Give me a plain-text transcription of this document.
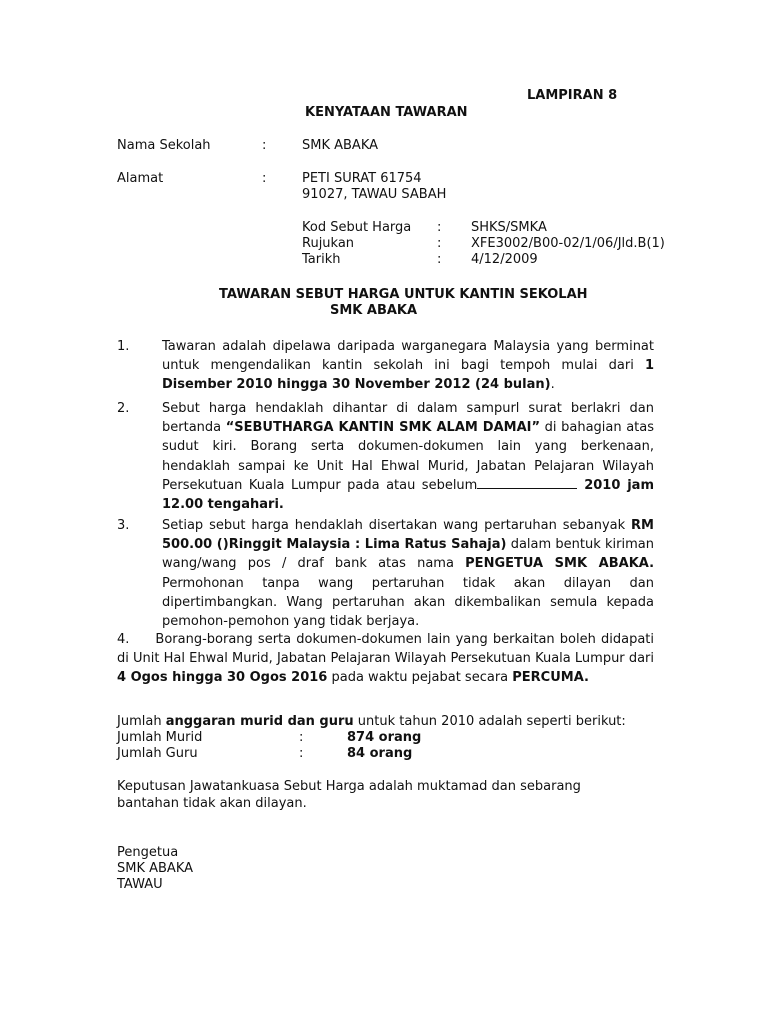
LAMPIRAN 8
KENYATAAN TAWARAN
Nama Sekolah	:	SMK ABAKA
Alamat	:	PETI SURAT 61754
91027, TAWAU SABAH
Kod Sebut Harga : SHKS/SMKA
Rujukan	: XFE3002/B00-02/1/06/Jld.B(1)
Tarikh	: 4/12/2009
TAWARAN SEBUT HARGA UNTUK KANTIN SEKOLAH
SMK ABAKA
1.	Tawaran adalah dipelawa daripada warganegara Malaysia yang berminat untuk mengendalikan kantin sekolah ini bagi tempoh mulai dari 1 Disember 2010 hingga 30 November 2012 (24 bulan).
2.	Sebut harga hendaklah dihantar di dalam sampurl surat berlakri dan bertanda “SEBUTHARGA KANTIN SMK ALAM DAMAI” di bahagian atas sudut kiri. Borang serta dokumen-dokumen lain yang berkenaan, hendaklah sampai ke Unit Hal Ehwal Murid, Jabatan Pelajaran Wilayah Persekutuan Kuala Lumpur pada atau sebelum	2010 jam 12.00 tengahari.
3.	Setiap sebut harga hendaklah disertakan wang pertaruhan sebanyak RM 500.00 ()Ringgit Malaysia : Lima Ratus Sahaja) dalam bentuk kiriman wang/wang pos / draf bank atas nama PENGETUA SMK ABAKA. Permohonan tanpa wang pertaruhan tidak akan dilayan dan dipertimbangkan. Wang pertaruhan akan dikembalikan semula kepada pemohon-pemohon yang tidak berjaya.
4. Borang-borang serta dokumen-dokumen lain yang berkaitan boleh didapati di Unit Hal Ehwal Murid, Jabatan Pelajaran Wilayah Persekutuan Kuala Lumpur dari 4 Ogos hingga 30 Ogos 2016 pada waktu pejabat secara PERCUMA.
Jumlah anggaran murid dan guru untuk tahun 2010 adalah seperti berikut:
Jumlah Murid	:	874 orang
Jumlah Guru	:	84 orang
Keputusan Jawatankuasa Sebut Harga adalah muktamad dan sebarang
bantahan tidak akan dilayan.
Pengetua
SMK ABAKA
TAWAU
